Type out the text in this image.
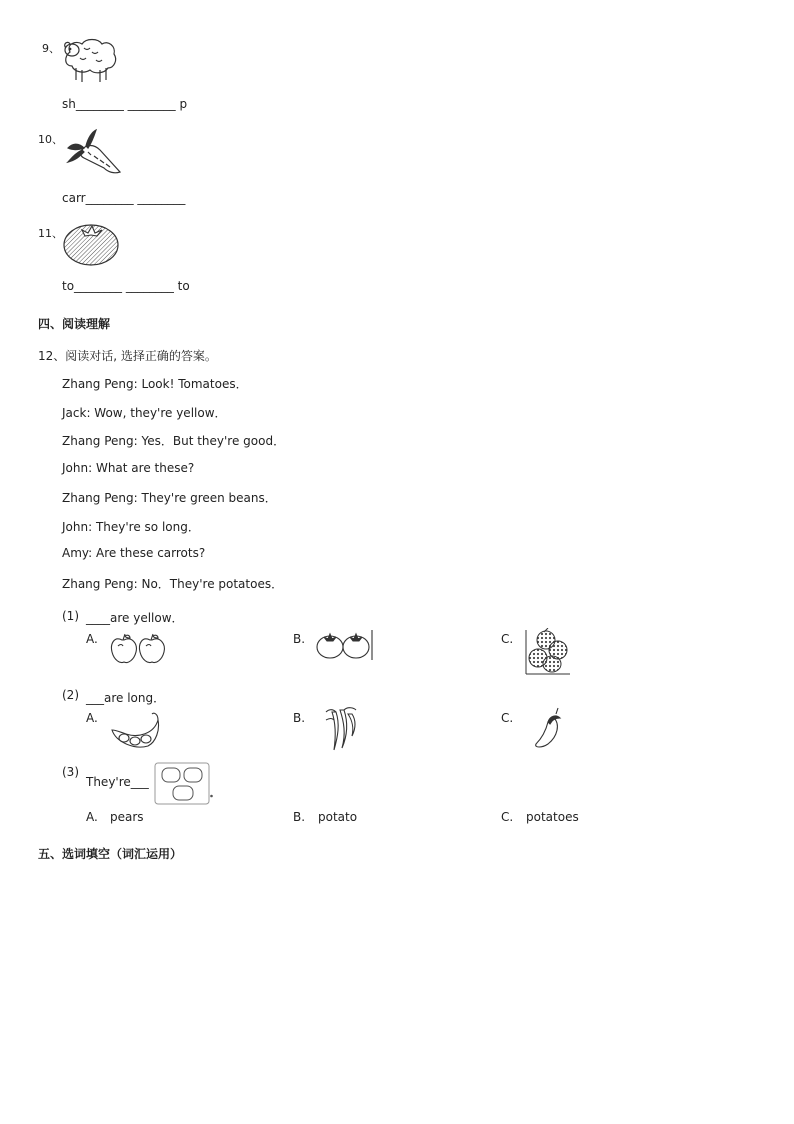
9、
sh________ ________ p
10、
carr________ ________
11、
to________ ________ to
四、阅读理解
12、阅读对话, 选择正确的答案。
Zhang Peng: Look! Tomatoes．
Jack: Wow, they're yellow．
Zhang Peng: Yes．But they're good．
John: What are these?
Zhang Peng: They're green beans．
John: They're so long．
Amy: Are these carrots?
Zhang Peng: No．They're potatoes．
(1) ____are yellow．
A.	B.	C.
(2) ___are long．
A.	B.	C.
(3)
They're___
A. pears	B. potato	C. potatoes
五、选词填空（词汇运用）
